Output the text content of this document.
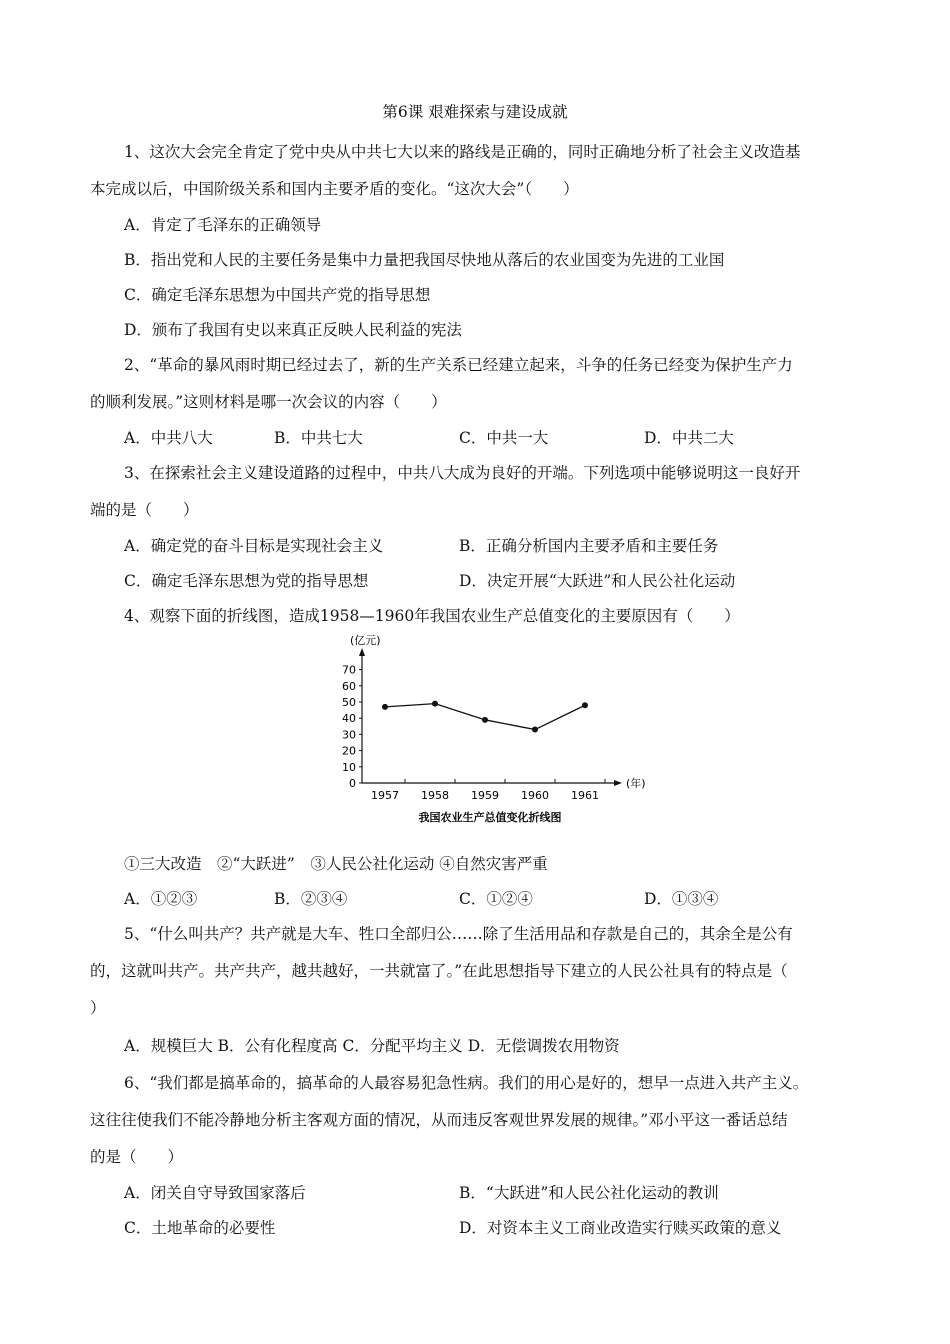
第6课 艰难探索与建设成就
1、这次大会完全肯定了党中央从中共七大以来的路线是正确的，同时正确地分析了社会主义改造基
本完成以后，中国阶级关系和国内主要矛盾的变化。“这次大会”（　　）
A．肯定了毛泽东的正确领导
B．指出党和人民的主要任务是集中力量把我国尽快地从落后的农业国变为先进的工业国
C．确定毛泽东思想为中国共产党的指导思想
D．颁布了我国有史以来真正反映人民利益的宪法
2、“革命的暴风雨时期已经过去了，新的生产关系已经建立起来，斗争的任务已经变为保护生产力
的顺利发展。”这则材料是哪一次会议的内容（　　）
A．中共八大	B．中共七大	C．中共一大	D．中共二大
3、在探索社会主义建设道路的过程中，中共八大成为良好的开端。下列选项中能够说明这一良好开
端的是（　　）
A．确定党的奋斗目标是实现社会主义	B．正确分析国内主要矛盾和主要任务
C．确定毛泽东思想为党的指导思想	D．决定开展“大跃进”和人民公社化运动
4、观察下面的折线图，造成1958—1960年我国农业生产总值变化的主要原因有（　　）
(亿元)
(年)
0
10
20
30
40
50
60
70
1957 1958 1959 1960 1961
我国农业生产总值变化折线图
①三大改造　②“大跃进”　③人民公社化运动 ④自然灾害严重
A．①②③	B．②③④	C．①②④	D．①③④
5、“什么叫共产？共产就是大车、牲口全部归公……除了生活用品和存款是自己的，其余全是公有
的，这就叫共产。共产共产，越共越好，一共就富了。”在此思想指导下建立的人民公社具有的特点是（
）
A．规模巨大 B．公有化程度高 C．分配平均主义 D．无偿调拨农用物资
6、“我们都是搞革命的，搞革命的人最容易犯急性病。我们的用心是好的，想早一点进入共产主义。
这往往使我们不能冷静地分析主客观方面的情况，从而违反客观世界发展的规律。”邓小平这一番话总结
的是（　　）
A．闭关自守导致国家落后	B．“大跃进”和人民公社化运动的教训
C．土地革命的必要性	D．对资本主义工商业改造实行赎买政策的意义
